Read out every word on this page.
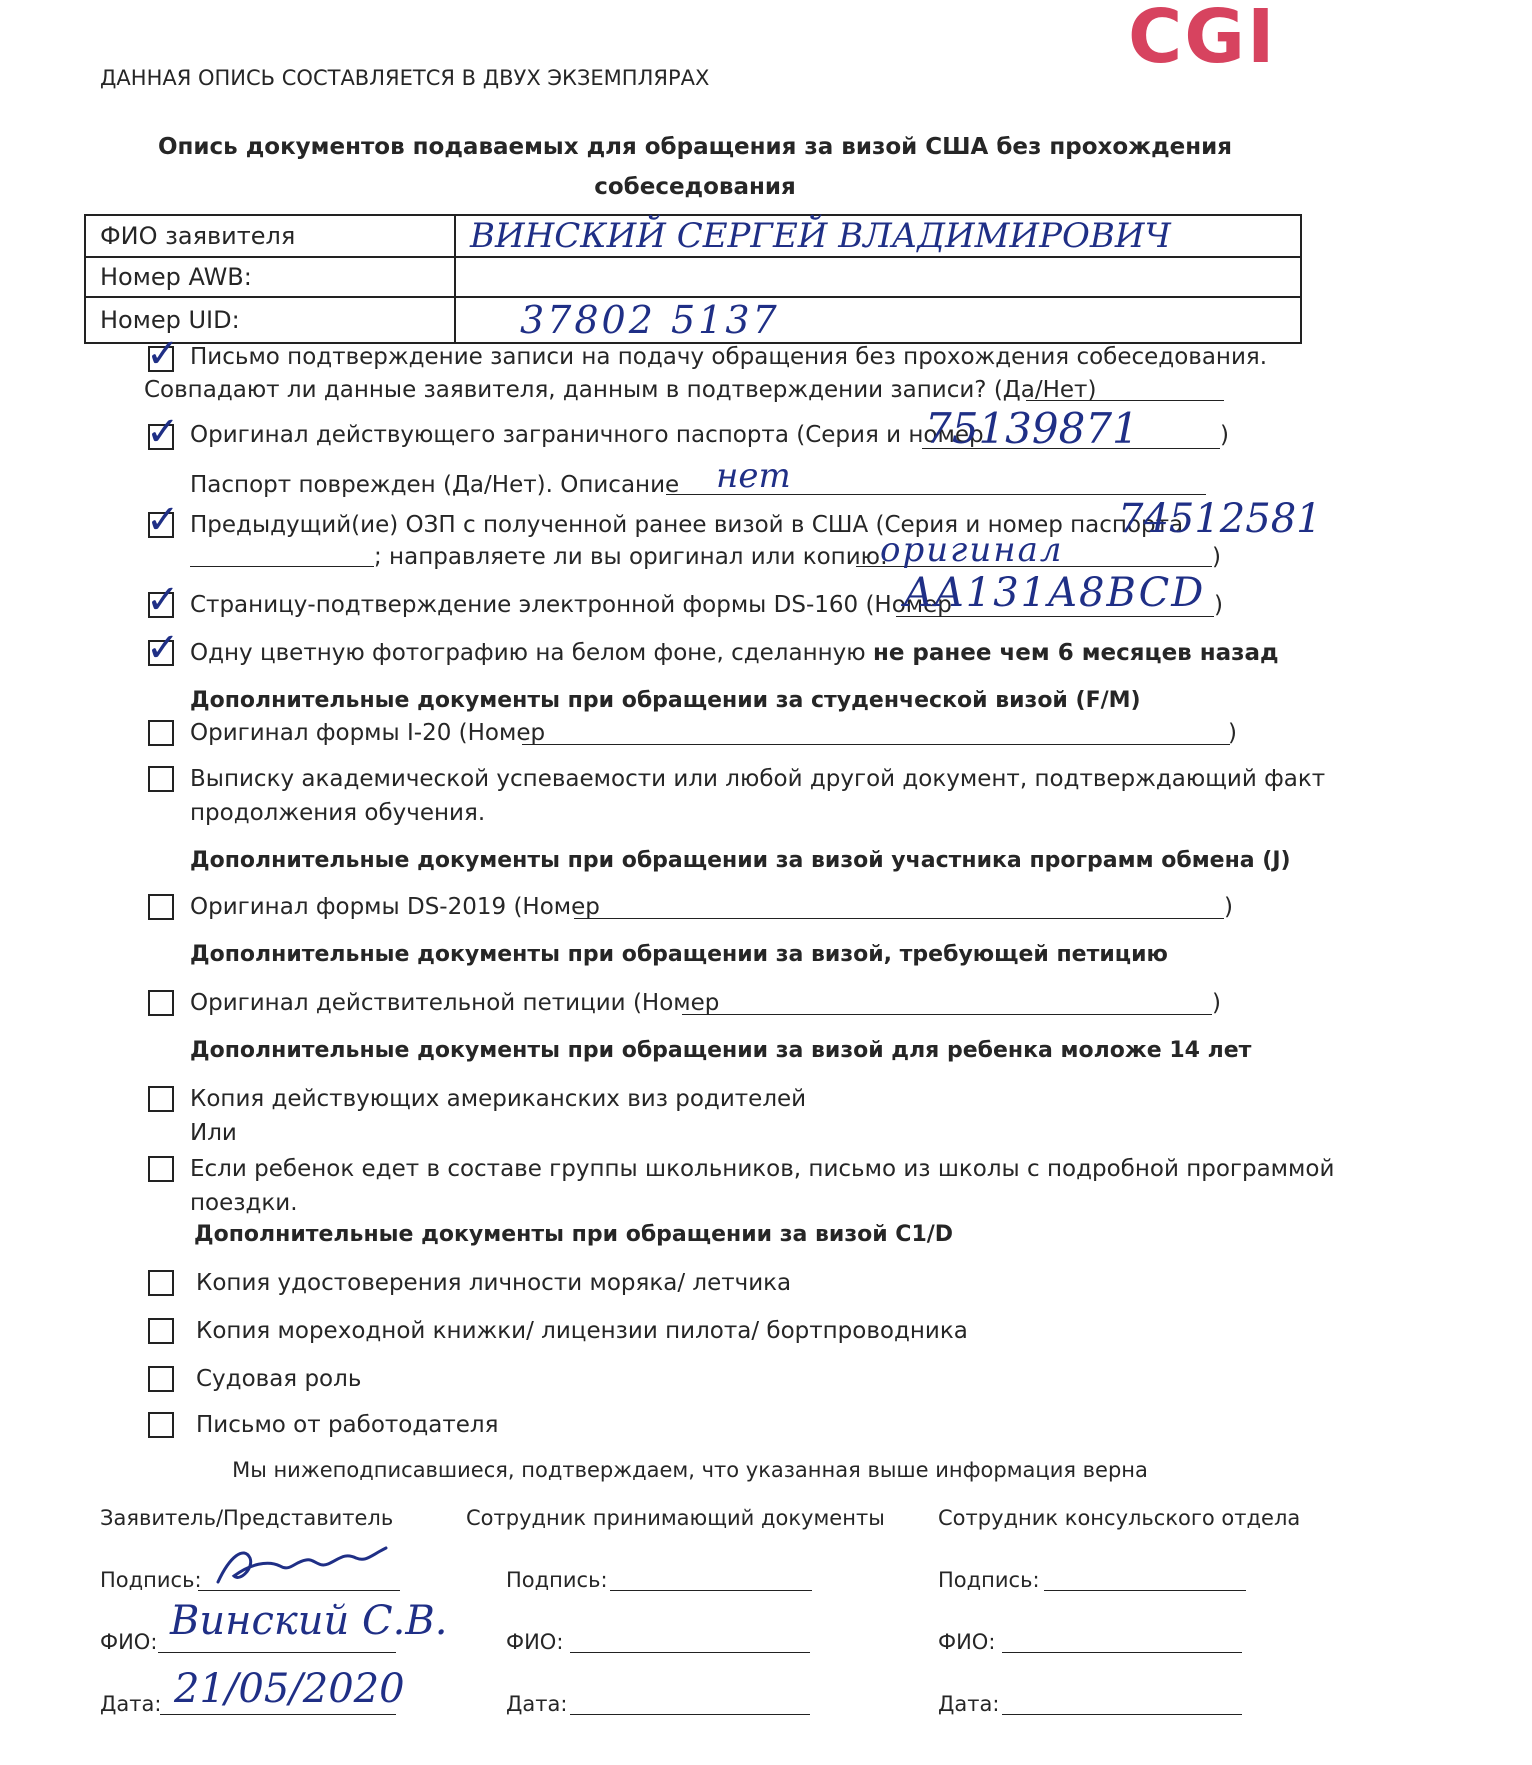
CGI
ДАННАЯ ОПИСЬ СОСТАВЛЯЕТСЯ В ДВУХ ЭКЗЕМПЛЯРАХ
Опись документов подаваемых для обращения за визой США без прохождения
собеседования
ФИО заявителя	ВИНСКИЙ СЕРГЕЙ ВЛАДИМИРОВИЧ
Номер AWB:	
Номер UID:	37802 5137
✓ Письмо подтверждение записи на подачу обращения без прохождения собеседования.
Совпадают ли данные заявителя, данным в подтверждении записи? (Да/Нет)
✓ Оригинал действующего заграничного паспорта (Серия и номер
75139871	)
Паспорт поврежден (Да/Нет). Описание нет
✓ Предыдущий(ие) ОЗП с полученной ранее визой в США (Серия и номер паспорта
74512581
; направляете ли вы оригинал или копию:
оригинал	)
✓ Страницу-подтверждение электронной формы DS-160 (Номер
AA131A8BCD )
✓ Одну цветную фотографию на белом фоне, сделанную не ранее чем 6 месяцев назад
Дополнительные документы при обращении за студенческой визой (F/M)
Оригинал формы I-20 (Номер	)
Выписку академической успеваемости или любой другой документ, подтверждающий факт
продолжения обучения.
Дополнительные документы при обращении за визой участника программ обмена (J)
Оригинал формы DS-2019 (Номер	)
Дополнительные документы при обращении за визой, требующей петицию
Оригинал действительной петиции (Номер	)
Дополнительные документы при обращении за визой для ребенка моложе 14 лет
Копия действующих американских виз родителей
Или
Если ребенок едет в составе группы школьников, письмо из школы с подробной программой
поездки.
Дополнительные документы при обращении за визой C1/D
Копия удостоверения личности моряка/ летчика
Копия мореходной книжки/ лицензии пилота/ бортпроводника
Судовая роль
Письмо от работодателя
Мы нижеподписавшиеся, подтверждаем, что указанная выше информация верна
Заявитель/Представитель
Подпись:
ФИО: Винский С.В.
Дата: 21/05/2020
Сотрудник принимающий документы
Подпись:
ФИО:
Дата:
Сотрудник консульского отдела
Подпись:
ФИО:
Дата:
